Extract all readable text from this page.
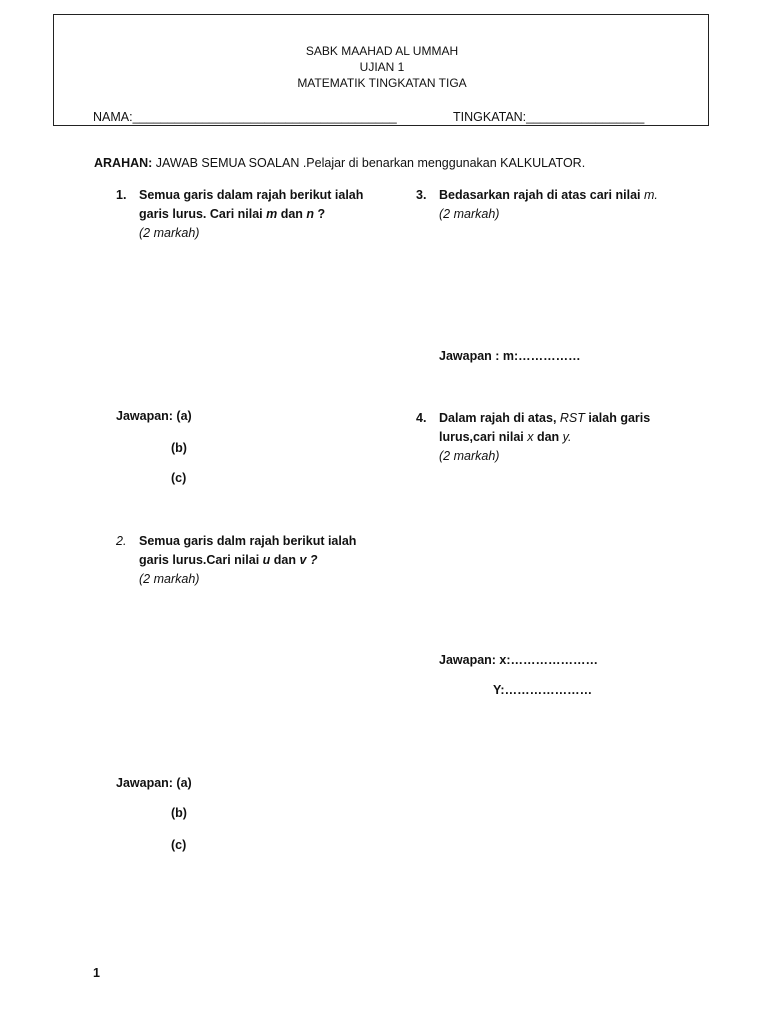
SABK MAAHAD AL UMMAH
UJIAN 1
MATEMATIK TINGKATAN TIGA
NAMA:______________________________________	TINGKATAN:_________________
ARAHAN: JAWAB SEMUA SOALAN .Pelajar di benarkan menggunakan KALKULATOR.
1. Semua garis dalam rajah berikut ialah
garis lurus. Cari nilai m dan n ?
(2 markah)
Jawapan: (a)
(b)
(c)
2. Semua garis dalm rajah berikut ialah
garis lurus.Cari nilai u dan v ?
(2 markah)
Jawapan: (a)
(b)
(c)
3. Bedasarkan rajah di atas cari nilai m.
(2 markah)
Jawapan : m:……………
4. Dalam rajah di atas, RST ialah garis
lurus,cari nilai x dan y.
(2 markah)
Jawapan: x:…………………
Y:…………………
1
